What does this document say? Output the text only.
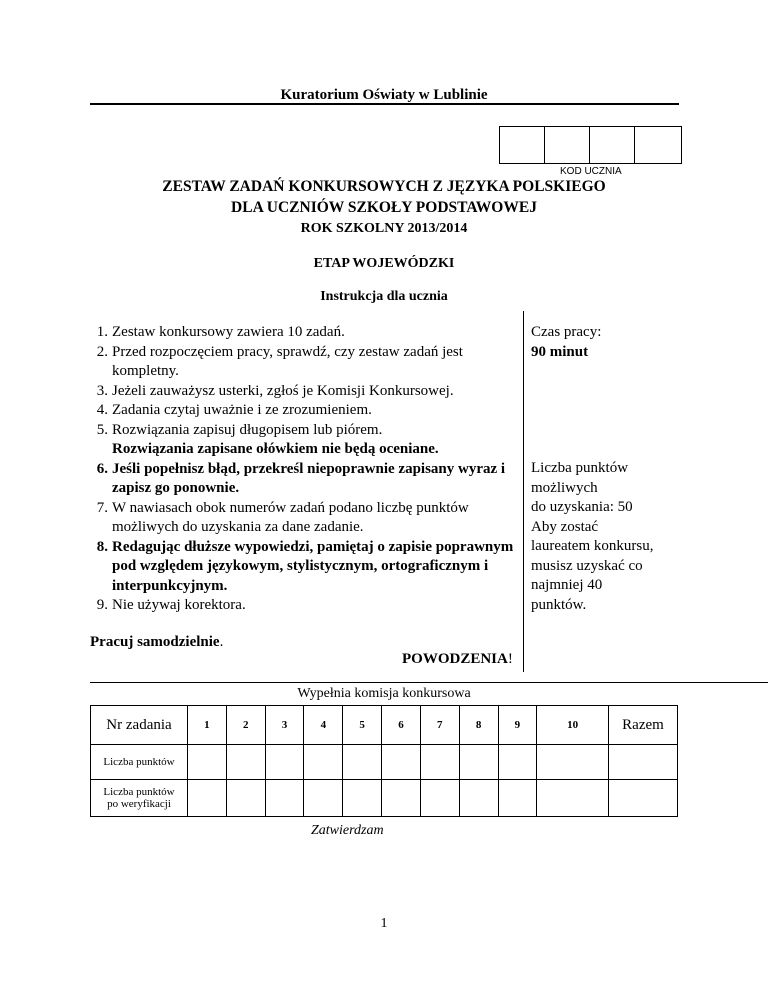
Kuratorium Oświaty w Lublinie
KOD UCZNIA
ZESTAW ZADAŃ KONKURSOWYCH Z JĘZYKA POLSKIEGO
DLA UCZNIÓW SZKOŁY PODSTAWOWEJ
ROK SZKOLNY 2013/2014
ETAP WOJEWÓDZKI
Instrukcja dla ucznia
1. Zestaw konkursowy zawiera 10 zadań.
2. Przed rozpoczęciem pracy, sprawdź, czy zestaw zadań jest kompletny.
3. Jeżeli zauważysz usterki, zgłoś je Komisji Konkursowej.
4. Zadania czytaj uważnie i ze zrozumieniem.
5. Rozwiązania zapisuj długopisem lub piórem.
Rozwiązania zapisane ołówkiem nie będą oceniane.
6. Jeśli popełnisz błąd, przekreśl niepoprawnie zapisany wyraz i zapisz go ponownie.
7. W nawiasach obok numerów zadań podano liczbę punktów możliwych do uzyskania za dane zadanie.
8. Redagując dłuższe wypowiedzi, pamiętaj o zapisie poprawnym pod względem językowym, stylistycznym, ortograficznym i interpunkcyjnym.
9. Nie używaj korektora.
Pracuj samodzielnie.
POWODZENIA!
Czas pracy:
90 minut
Liczba punktów
możliwych
do uzyskania: 50
Aby zostać
laureatem konkursu,
musisz uzyskać co
najmniej 40
punktów.
Wypełnia komisja konkursowa
Nr zadania	1	2	3	4	5	6	7	8	9	10	Razem
Liczba punktów											
Liczba punktów
po weryfikacji											
Zatwierdzam
1
